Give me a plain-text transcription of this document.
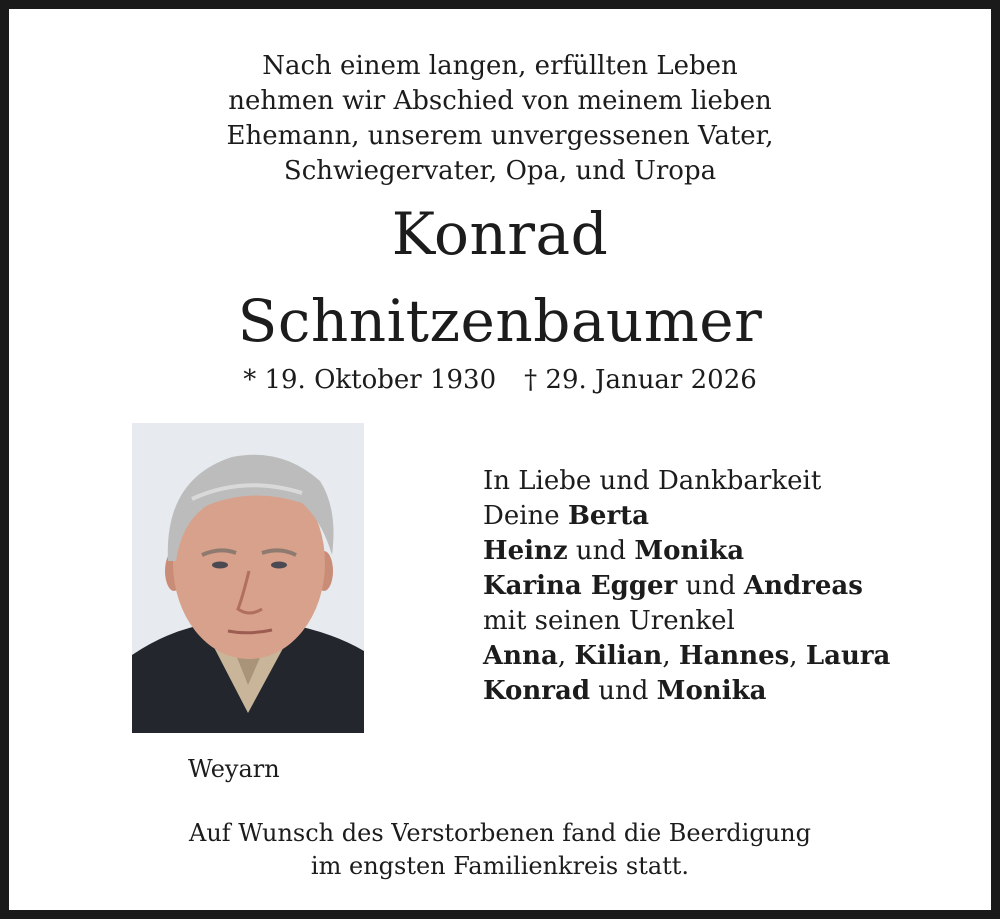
Nach einem langen, erfüllten Leben
nehmen wir Abschied von meinem lieben
Ehemann, unserem unvergessenen Vater,
Schwiegervater, Opa, und Uropa
Konrad
Schnitzenbaumer
* 19. Oktober 1930 † 29. Januar 2026
Weyarn
In Liebe und Dankbarkeit
Deine Berta
Heinz und Monika
Karina Egger und Andreas
mit seinen Urenkel
Anna, Kilian, Hannes, Laura
Konrad und Monika
Auf Wunsch des Verstorbenen fand die Beerdigung
im engsten Familienkreis statt.
